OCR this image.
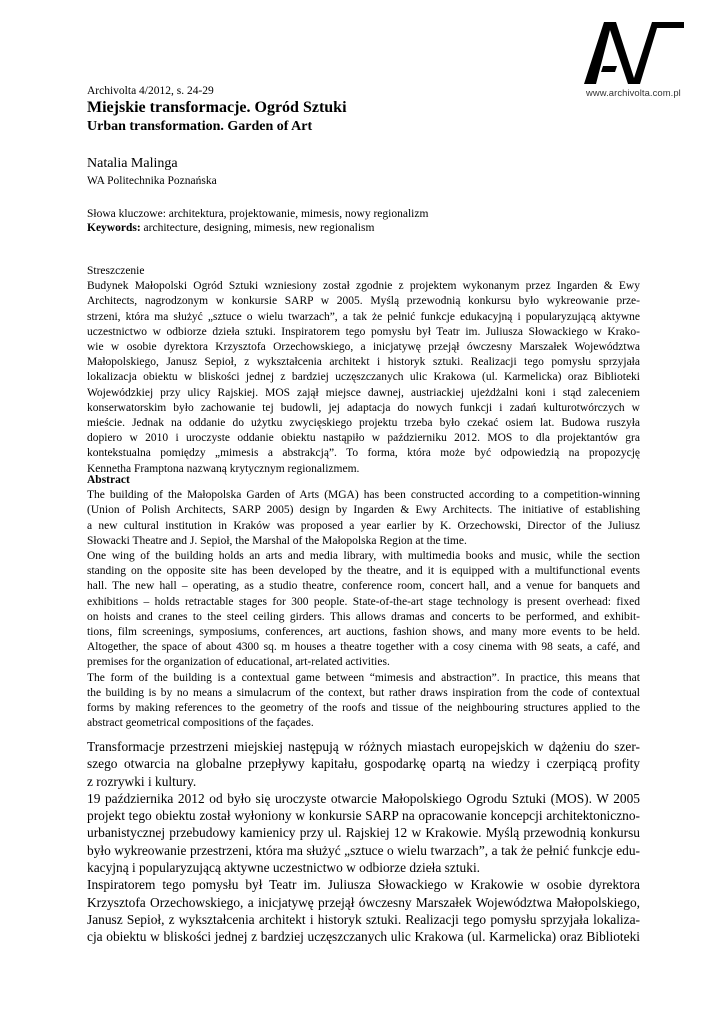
www.archivolta.com.pl
Archivolta 4/2012, s. 24-29
Miejskie transformacje. Ogród Sztuki
Urban transformation. Garden of Art
Natalia Malinga
WA Politechnika Poznańska
Słowa kluczowe: architektura, projektowanie, mimesis, nowy regionalizm
Keywords: architecture, designing, mimesis, new regionalism
Streszczenie
Budynek Małopolski Ogród Sztuki wzniesiony został zgodnie z projektem wykonanym przez Ingarden & Ewy
Architects, nagrodzonym w konkursie SARP w 2005. Myślą przewodnią konkursu było wykreowanie prze-
strzeni, która ma służyć „sztuce o wielu twarzach”, a tak że pełnić funkcje edukacyjną i popularyzującą aktywne
uczestnictwo w odbiorze dzieła sztuki. Inspiratorem tego pomysłu był Teatr im. Juliusza Słowackiego w Krako-
wie w osobie dyrektora Krzysztofa Orzechowskiego, a inicjatywę przejął ówczesny Marszałek Województwa
Małopolskiego, Janusz Sepioł, z wykształcenia architekt i historyk sztuki. Realizacji tego pomysłu sprzyjała
lokalizacja obiektu w bliskości jednej z bardziej uczęszczanych ulic Krakowa (ul. Karmelicka) oraz Biblioteki
Wojewódzkiej przy ulicy Rajskiej. MOS zajął miejsce dawnej, austriackiej ujeżdżalni koni i stąd zaleceniem
konserwatorskim było zachowanie tej budowli, jej adaptacja do nowych funkcji i zadań kulturotwórczych w
mieście. Jednak na oddanie do użytku zwycięskiego projektu trzeba było czekać osiem lat. Budowa ruszyła
dopiero w 2010 i uroczyste oddanie obiektu nastąpiło w październiku 2012. MOS to dla projektantów gra
kontekstualna pomiędzy „mimesis a abstrakcją”. To forma, która może być odpowiedzią na propozycję
Kennetha Framptona nazwaną krytycznym regionalizmem.
Abstract
The building of the Małopolska Garden of Arts (MGA) has been constructed according to a competition-winning
(Union of Polish Architects, SARP 2005) design by Ingarden & Ewy Architects. The initiative of establishing
a new cultural institution in Kraków was proposed a year earlier by K. Orzechowski, Director of the Juliusz
Słowacki Theatre and J. Sepioł, the Marshal of the Małopolska Region at the time.
One wing of the building holds an arts and media library, with multimedia books and music, while the section
standing on the opposite site has been developed by the theatre, and it is equipped with a multifunctional events
hall. The new hall – operating, as a studio theatre, conference room, concert hall, and a venue for banquets and
exhibitions – holds retractable stages for 300 people. State-of-the-art stage technology is present overhead: fixed
on hoists and cranes to the steel ceiling girders. This allows dramas and concerts to be performed, and exhibit-
tions, film screenings, symposiums, conferences, art auctions, fashion shows, and many more events to be held.
Altogether, the space of about 4300 sq. m houses a theatre together with a cosy cinema with 98 seats, a café, and
premises for the organization of educational, art-related activities.
The form of the building is a contextual game between “mimesis and abstraction”. In practice, this means that
the building is by no means a simulacrum of the context, but rather draws inspiration from the code of contextual
forms by making references to the geometry of the roofs and tissue of the neighbouring structures applied to the
abstract geometrical compositions of the façades.
Transformacje przestrzeni miejskiej następują w różnych miastach europejskich w dążeniu do szer-
szego otwarcia na globalne przepływy kapitału, gospodarkę opartą na wiedzy i czerpiącą profity
z rozrywki i kultury.
19 października 2012 od było się uroczyste otwarcie Małopolskiego Ogrodu Sztuki (MOS). W 2005
projekt tego obiektu został wyłoniony w konkursie SARP na opracowanie koncepcji architektoniczno-
urbanistycznej przebudowy kamienicy przy ul. Rajskiej 12 w Krakowie. Myślą przewodnią konkursu
było wykreowanie przestrzeni, która ma służyć „sztuce o wielu twarzach”, a tak że pełnić funkcje edu-
kacyjną i popularyzującą aktywne uczestnictwo w odbiorze dzieła sztuki.
Inspiratorem tego pomysłu był Teatr im. Juliusza Słowackiego w Krakowie w osobie dyrektora
Krzysztofa Orzechowskiego, a inicjatywę przejął ówczesny Marszałek Województwa Małopolskiego,
Janusz Sepioł, z wykształcenia architekt i historyk sztuki. Realizacji tego pomysłu sprzyjała lokaliza-
cja obiektu w bliskości jednej z bardziej uczęszczanych ulic Krakowa (ul. Karmelicka) oraz Biblioteki
